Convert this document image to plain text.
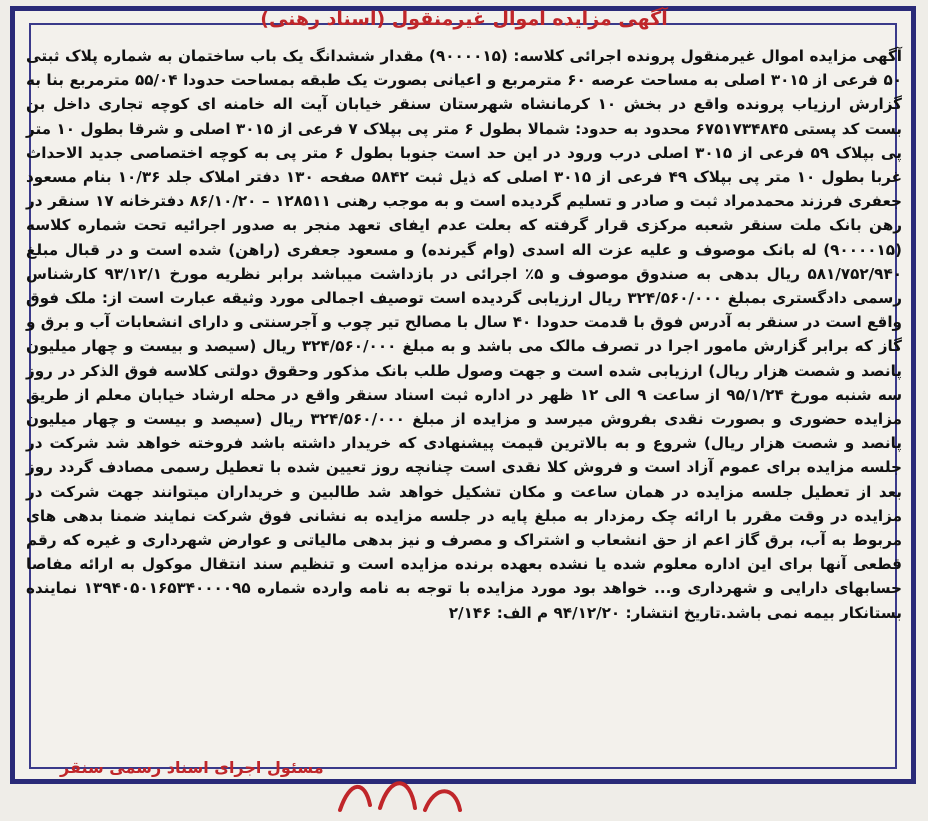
آگهی مزایده اموال غیرمنقول (اسناد رهنی)

آگهی مزایده اموال غیرمنقول پرونده اجرائی کلاسه: (۹۰۰۰۰۱۵) مقدار ششدانگ یک باب ساختمان به شماره پلاک ثبتی ۵۰ فرعی از ۳۰۱۵ اصلی به مساحت عرصه ۶۰ مترمربع و اعیانی بصورت یک طبقه بمساحت حدودا ۵۵/۰۴ مترمربع بنا به گزارش ارزیاب پرونده واقع در بخش ۱۰ کرمانشاه شهرستان سنقر خیابان آیت اله خامنه ای کوچه تجاری داخل بن بست کد پستی ۶۷۵۱۷۳۴۸۴۵ محدود به حدود: شمالا بطول ۶ متر پی بپلاک ۷ فرعی از ۳۰۱۵ اصلی و شرقا بطول ۱۰ متر پی بپلاک ۵۹ فرعی از ۳۰۱۵ اصلی درب ورود در این حد است جنوبا بطول ۶ متر پی به کوچه اختصاصی جدید الاحداث غربا بطول ۱۰ متر پی بپلاک ۴۹ فرعی از ۳۰۱۵ اصلی که ذیل ثبت ۵۸۴۲ صفحه ۱۳۰ دفتر املاک جلد ۱۰/۳۶ بنام مسعود جعفری فرزند محمدمراد ثبت و صادر و تسلیم گردیده است و به موجب رهنی ۱۲۸۵۱۱ – ۸۶/۱۰/۲۰ دفترخانه ۱۷ سنقر در رهن بانک ملت سنقر شعبه مرکزی قرار گرفته که بعلت عدم ایفای تعهد منجر به صدور اجرائیه تحت شماره کلاسه (۹۰۰۰۰۱۵) له بانک موصوف و علیه عزت اله اسدی (وام گیرنده) و مسعود جعفری (راهن) شده است و در قبال مبلغ ۵۸۱/۷۵۲/۹۴۰ ریال بدهی به صندوق موصوف و ۵٪ اجرائی در بازداشت میباشد برابر نظریه مورخ ۹۳/۱۲/۱ کارشناس رسمی دادگستری بمبلغ ۳۲۴/۵۶۰/۰۰۰ ریال ارزیابی گردیده است توصیف اجمالی مورد وثیقه عبارت است از: ملک فوق واقع است در سنقر به آدرس فوق با قدمت حدودا ۴۰ سال با مصالح تیر چوب و آجرسنتی و دارای انشعابات آب و برق و گاز که برابر گزارش مامور اجرا در تصرف مالک می باشد و به مبلغ ۳۲۴/۵۶۰/۰۰۰ ریال (سیصد و بیست و چهار میلیون پانصد و شصت هزار ریال) ارزیابی شده است و جهت وصول طلب بانک مذکور وحقوق دولتی کلاسه فوق الذکر در روز سه شنبه مورخ ۹۵/۱/۲۴ از ساعت ۹ الی ۱۲ ظهر در اداره ثبت اسناد سنقر واقع در محله ارشاد خیابان معلم از طریق مزایده حضوری و بصورت نقدی بفروش میرسد و مزایده از مبلغ ۳۲۴/۵۶۰/۰۰۰ ریال (سیصد و بیست و چهار میلیون پانصد و شصت هزار ریال) شروع و به بالاترین قیمت پیشنهادی که خریدار داشته باشد فروخته خواهد شد شرکت در جلسه مزایده برای عموم آزاد است و فروش کلا نقدی است چنانچه روز تعیین شده با تعطیل رسمی مصادف گردد روز بعد از تعطیل جلسه مزایده در همان ساعت و مکان تشکیل خواهد شد طالبین و خریداران میتوانند جهت شرکت در مزایده در وقت مقرر با ارائه چک رمزدار به مبلغ پایه در جلسه مزایده به نشانی فوق شرکت نمایند ضمنا بدهی های مربوط به آب، برق گاز اعم از حق انشعاب و اشتراک و مصرف و نیز بدهی مالیاتی و عوارض شهرداری و غیره که رقم قطعی آنها برای این اداره معلوم شده یا نشده بعهده برنده مزایده است و تنظیم سند انتقال موکول به ارائه مفاصا حسابهای دارایی و شهرداری و... خواهد بود مورد مزایده با توجه به نامه وارده شماره ۱۳۹۴۰۵۰۱۶۵۳۴۰۰۰۰۹۵ نماینده بستانکار بیمه نمی باشد.تاریخ انتشار: ۹۴/۱۲/۲۰ م الف: ۲/۱۴۶

مسئول اجرای اسناد رسمی سنقر
